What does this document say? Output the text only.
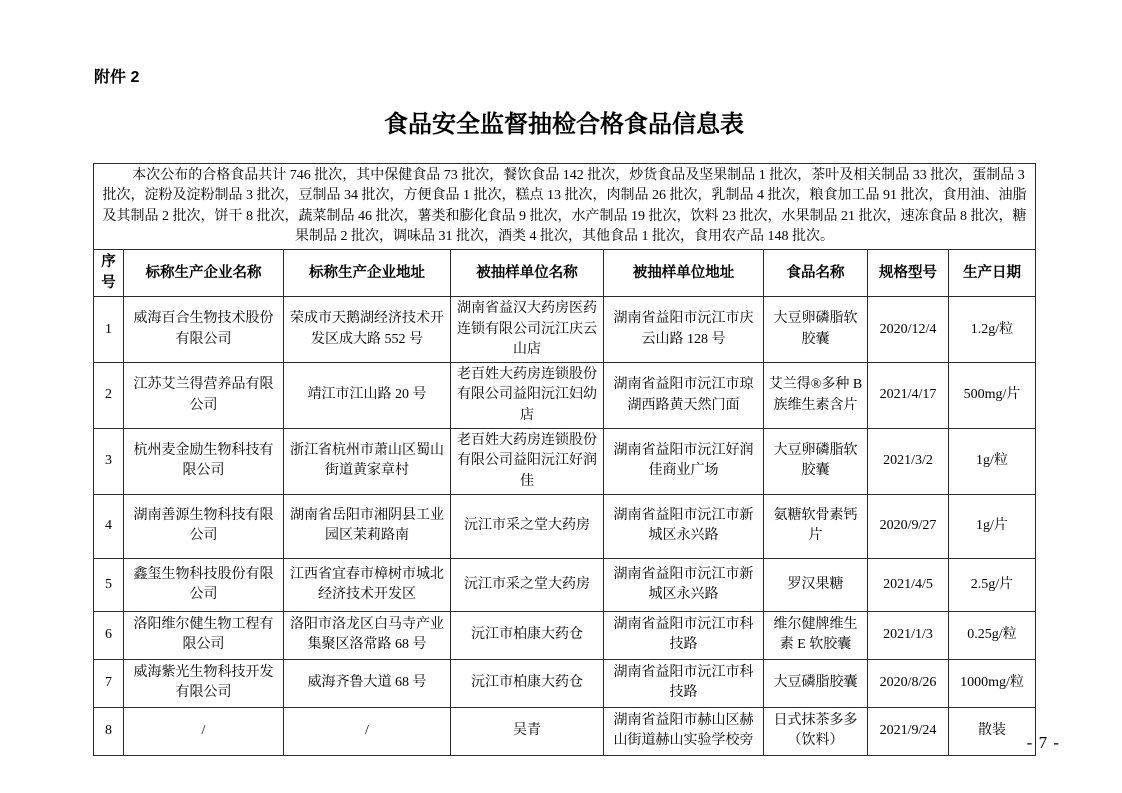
附件 2
食品安全监督抽检合格食品信息表
本次公布的合格食品共计 746 批次，其中保健食品 73 批次，餐饮食品 142 批次，炒货食品及坚果制品 1 批次，茶叶及相关制品 33 批次，蛋制品 3 批次，淀粉及淀粉制品 3 批次，豆制品 34 批次，方便食品 1 批次，糕点 13 批次，肉制品 26 批次，乳制品 4 批次，粮食加工品 91 批次，食用油、油脂及其制品 2 批次，饼干 8 批次，蔬菜制品 46 批次，薯类和膨化食品 9 批次，水产制品 19 批次，饮料 23 批次，水果制品 21 批次，速冻食品 8 批次，糖果制品 2 批次，调味品 31 批次，酒类 4 批次，其他食品 1 批次，食用农产品 148 批次。							
序号	标称生产企业名称	标称生产企业地址	被抽样单位名称	被抽样单位地址	食品名称	规格型号	生产日期
1	威海百合生物技术股份有限公司	荣成市天鹅湖经济技术开发区成大路 552 号	湖南省益汉大药房医药连锁有限公司沅江庆云山店	湖南省益阳市沅江市庆云山路 128 号	大豆卵磷脂软胶囊	2020/12/4	1.2g/粒
2	江苏艾兰得营养品有限公司	靖江市江山路 20 号	老百姓大药房连锁股份有限公司益阳沅江妇幼店	湖南省益阳市沅江市琼湖西路黄天然门面	艾兰得®多种 B 族维生素含片	2021/4/17	500mg/片
3	杭州麦金励生物科技有限公司	浙江省杭州市萧山区蜀山街道黄家章村	老百姓大药房连锁股份有限公司益阳沅江好润佳	湖南省益阳市沅江好润佳商业广场	大豆卵磷脂软胶囊	2021/3/2	1g/粒
4	湖南善源生物科技有限公司	湖南省岳阳市湘阴县工业园区茉莉路南	沅江市采之堂大药房	湖南省益阳市沅江市新城区永兴路	氨糖软骨素钙片	2020/9/27	1g/片
5	鑫玺生物科技股份有限公司	江西省宜春市樟树市城北经济技术开发区	沅江市采之堂大药房	湖南省益阳市沅江市新城区永兴路	罗汉果糖	2021/4/5	2.5g/片
6	洛阳维尔健生物工程有限公司	洛阳市洛龙区白马寺产业集聚区洛常路 68 号	沅江市柏康大药仓	湖南省益阳市沅江市科技路	维尔健牌维生素 E 软胶囊	2021/1/3	0.25g/粒
7	威海紫光生物科技开发有限公司	威海齐鲁大道 68 号	沅江市柏康大药仓	湖南省益阳市沅江市科技路	大豆磷脂胶囊	2020/8/26	1000mg/粒
8	/	/	吴青	湖南省益阳市赫山区赫山街道赫山实验学校旁	日式抹茶多多（饮料）	2021/9/24	散装
- 7 -
